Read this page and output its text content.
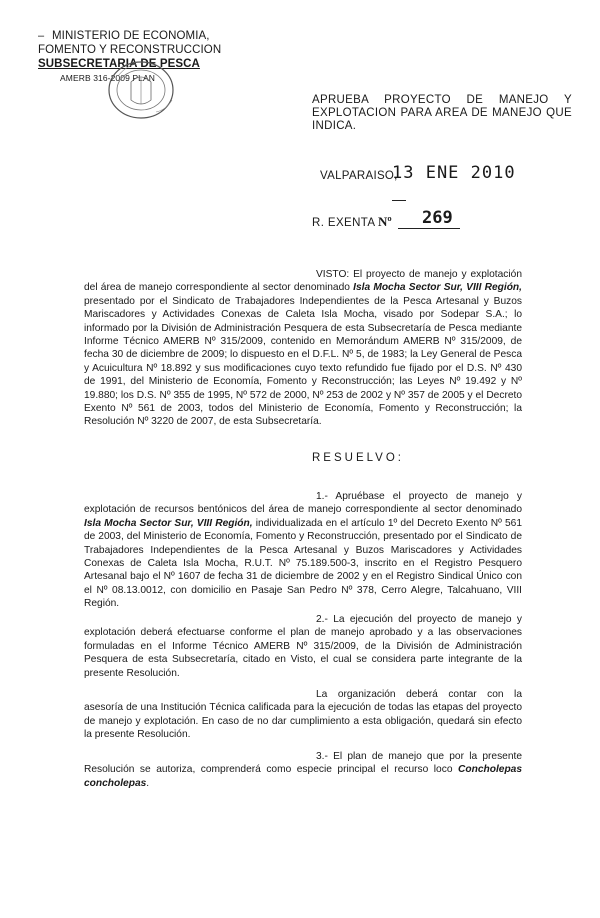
– MINISTERIO DE ECONOMIA,
FOMENTO Y RECONSTRUCCION
SUBSECRETARIA DE PESCA
AMERB 316-2009 PLAN
APRUEBA PROYECTO DE MANEJO Y EXPLOTACION PARA AREA DE MANEJO QUE INDICA.
VALPARAISO,
13 ENE 2010
R. EXENTA Nº 269
VISTO: El proyecto de manejo y explotación del área de manejo correspondiente al sector denominado Isla Mocha Sector Sur, VIII Región, presentado por el Sindicato de Trabajadores Independientes de la Pesca Artesanal y Buzos Mariscadores y Actividades Conexas de Caleta Isla Mocha, visado por Sodepar S.A.; lo informado por la División de Administración Pesquera de esta Subsecretaría de Pesca mediante Informe Técnico AMERB Nº 315/2009, contenido en Memorándum AMERB Nº 315/2009, de fecha 30 de diciembre de 2009; lo dispuesto en el D.F.L. Nº 5, de 1983; la Ley General de Pesca y Acuicultura Nº 18.892 y sus modificaciones cuyo texto refundido fue fijado por el D.S. Nº 430 de 1991, del Ministerio de Economía, Fomento y Reconstrucción; las Leyes Nº 19.492 y Nº 19.880; los D.S. Nº 355 de 1995, Nº 572 de 2000, Nº 253 de 2002 y Nº 357 de 2005 y el Decreto Exento Nº 561 de 2003, todos del Ministerio de Economía, Fomento y Reconstrucción; la Resolución Nº 3220 de 2007, de esta Subsecretaría.
RESUELVO:
1.- Apruébase el proyecto de manejo y explotación de recursos bentónicos del área de manejo correspondiente al sector denominado Isla Mocha Sector Sur, VIII Región, individualizada en el artículo 1º del Decreto Exento Nº 561 de 2003, del Ministerio de Economía, Fomento y Reconstrucción, presentado por el Sindicato de Trabajadores Independientes de la Pesca Artesanal y Buzos Mariscadores y Actividades Conexas de Caleta Isla Mocha, R.U.T. Nº 75.189.500-3, inscrito en el Registro Pesquero Artesanal bajo el Nº 1607 de fecha 31 de diciembre de 2002 y en el Registro Sindical Único con el Nº 08.13.0012, con domicilio en Pasaje San Pedro Nº 378, Cerro Alegre, Talcahuano, VIII Región.
2.- La ejecución del proyecto de manejo y explotación deberá efectuarse conforme el plan de manejo aprobado y a las observaciones formuladas en el Informe Técnico AMERB Nº 315/2009, de la División de Administración Pesquera de esta Subsecretaría, citado en Visto, el cual se considera parte integrante de la presente Resolución.
La organización deberá contar con la asesoría de una Institución Técnica calificada para la ejecución de todas las etapas del proyecto de manejo y explotación. En caso de no dar cumplimiento a esta obligación, quedará sin efecto la presente Resolución.
3.- El plan de manejo que por la presente Resolución se autoriza, comprenderá como especie principal el recurso loco Concholepas concholepas.
